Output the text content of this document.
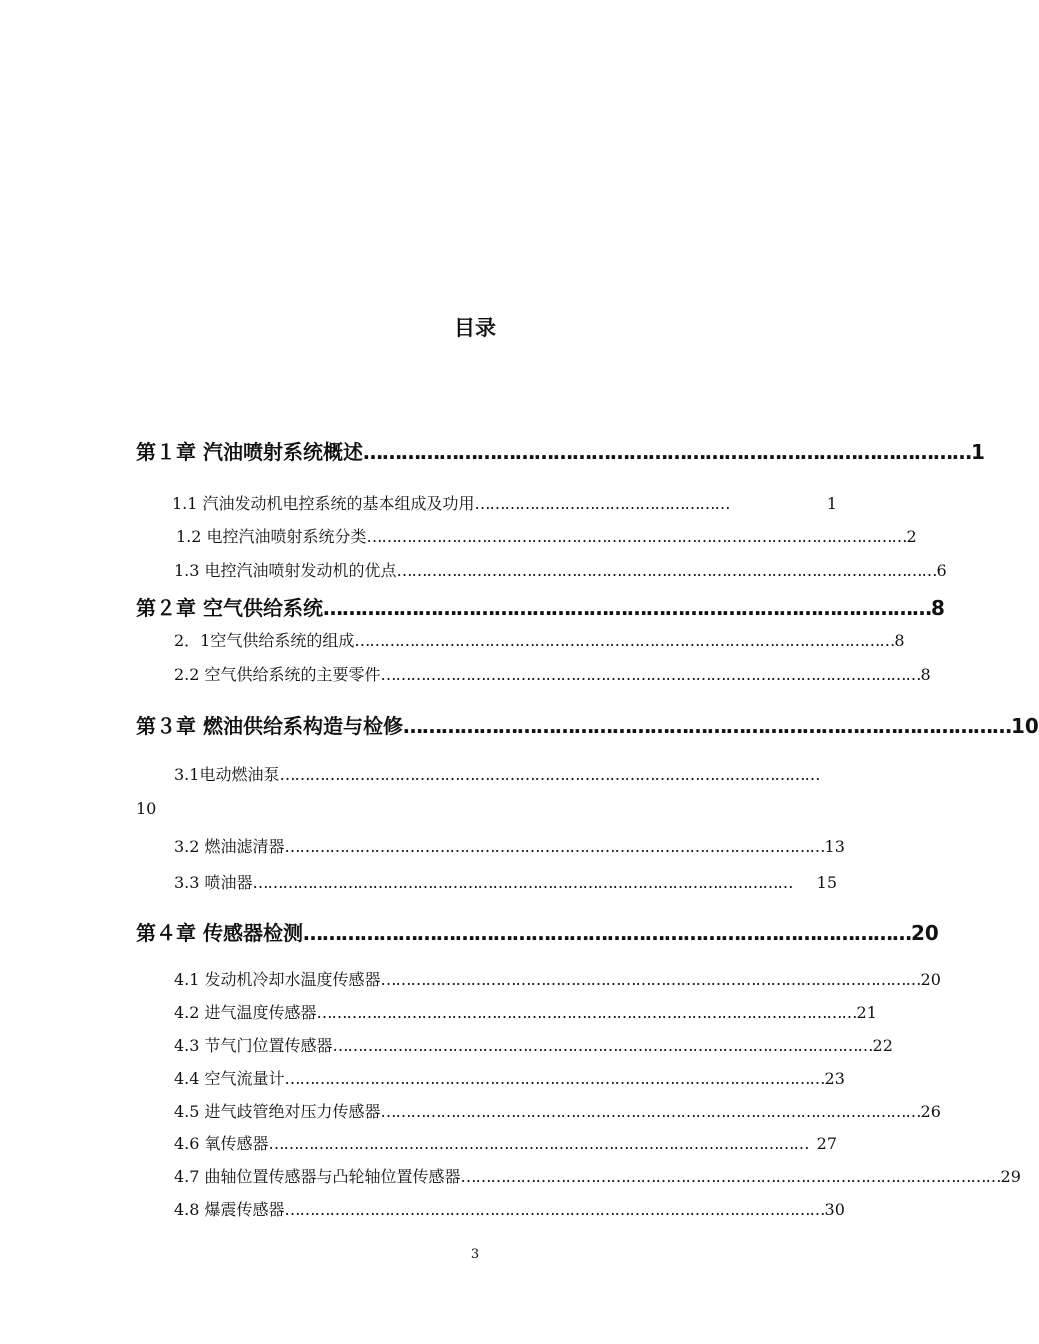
目录
第１章 汽油喷射系统概述 …………………………………………………………………………………… 1
1.1 汽油发动机电控系统的基本组成及功用 ……………………………………………	1
1.2 电控汽油喷射系统分类 ……………………………………………………………………………………………… 2
1.3 电控汽油喷射发动机的优点 ……………………………………………………………………………………………… 6
第２章 空气供给系统 …………………………………………………………………………………… 8
2．1空气供给系统的组成 ……………………………………………………………………………………………… 8
2.2 空气供给系统的主要零件 ……………………………………………………………………………………………… 8
第３章 燃油供给系构造与检修 …………………………………………………………………………………… 10
3.1电动燃油泵 ………………………………………………………………………………………………
10
3.2 燃油滤清器 ……………………………………………………………………………………………… 13
3.3 喷油器 ………………………………………………………………………………………………	15
第４章 传感器检测 …………………………………………………………………………………… 20
4.1 发动机冷却水温度传感器 ……………………………………………………………………………………………… 20
4.2 进气温度传感器 ……………………………………………………………………………………………… 21
4.3 节气门位置传感器 ……………………………………………………………………………………………… 22
4.4 空气流量计 ……………………………………………………………………………………………… 23
4.5 进气歧管绝对压力传感器 ……………………………………………………………………………………………… 26
4.6 氧传感器 ……………………………………………………………………………………………… 27
4.7 曲轴位置传感器与凸轮轴位置传感器 ……………………………………………………………………………………………… 29
4.8 爆震传感器 ……………………………………………………………………………………………… 30
3
